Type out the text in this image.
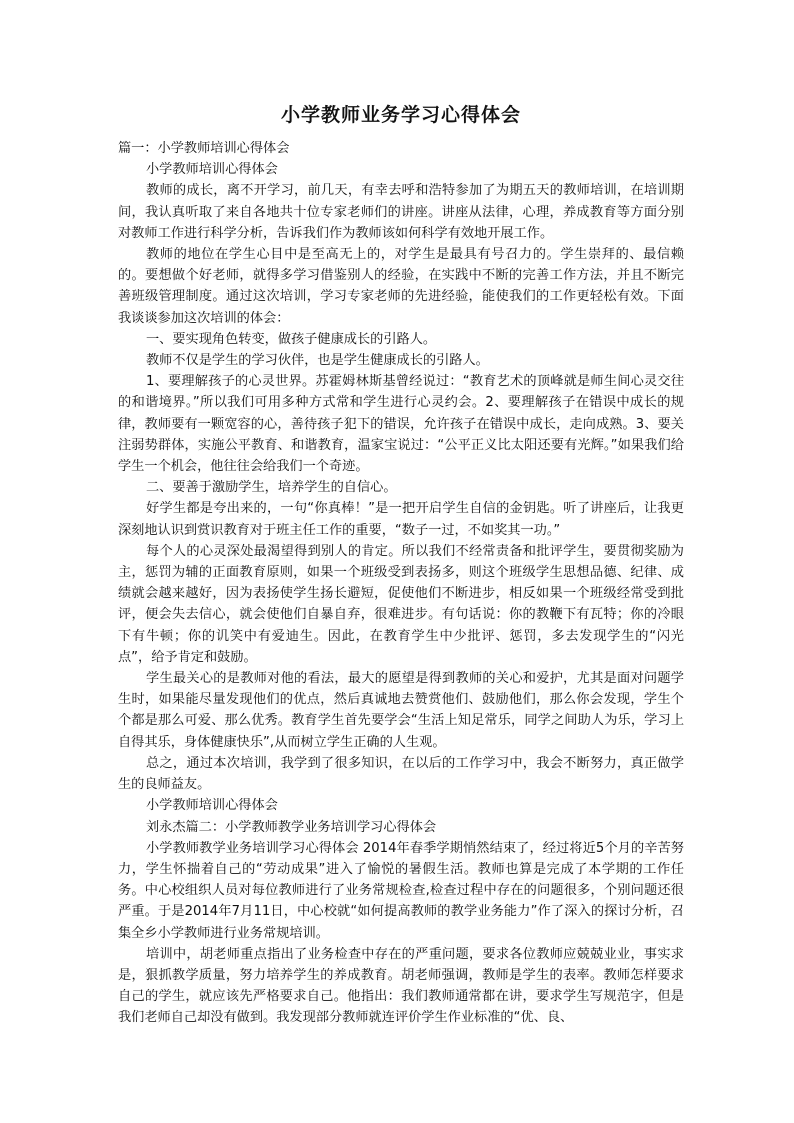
小学教师业务学习心得体会

篇一：小学教师培训心得体会

小学教师培训心得体会

教师的成长，离不开学习，前几天，有幸去呼和浩特参加了为期五天的教师培训，在培训期间，我认真听取了来自各地共十位专家老师们的讲座。讲座从法律，心理，养成教育等方面分别对教师工作进行科学分析，告诉我们作为教师该如何科学有效地开展工作。

教师的地位在学生心目中是至高无上的，对学生是最具有号召力的。学生崇拜的、最信赖的。要想做个好老师，就得多学习借鉴别人的经验，在实践中不断的完善工作方法，并且不断完善班级管理制度。通过这次培训，学习专家老师的先进经验，能使我们的工作更轻松有效。下面我谈谈参加这次培训的体会：

一、要实现角色转变，做孩子健康成长的引路人。

教师不仅是学生的学习伙伴，也是学生健康成长的引路人。

1、要理解孩子的心灵世界。苏霍姆林斯基曾经说过：“教育艺术的顶峰就是师生间心灵交往的和谐境界。”所以我们可用多种方式常和学生进行心灵约会。2、要理解孩子在错误中成长的规律，教师要有一颗宽容的心，善待孩子犯下的错误，允许孩子在错误中成长，走向成熟。3、要关注弱势群体，实施公平教育、和谐教育，温家宝说过：“公平正义比太阳还要有光辉。”如果我们给学生一个机会，他往往会给我们一个奇迹。

二、要善于激励学生，培养学生的自信心。

好学生都是夸出来的，一句“你真棒！”是一把开启学生自信的金钥匙。听了讲座后，让我更深刻地认识到赏识教育对于班主任工作的重要，“数子一过，不如奖其一功。”

每个人的心灵深处最渴望得到别人的肯定。所以我们不经常责备和批评学生，要贯彻奖励为主，惩罚为辅的正面教育原则，如果一个班级受到表扬多，则这个班级学生思想品德、纪律、成绩就会越来越好，因为表扬使学生扬长避短，促使他们不断进步，相反如果一个班级经常受到批评，便会失去信心，就会使他们自暴自弃，很难进步。有句话说：你的教鞭下有瓦特；你的冷眼下有牛顿；你的讥笑中有爱迪生。因此，在教育学生中少批评、惩罚，多去发现学生的“闪光点”，给予肯定和鼓励。

学生最关心的是教师对他的看法，最大的愿望是得到教师的关心和爱护，尤其是面对问题学生时，如果能尽量发现他们的优点，然后真诚地去赞赏他们、鼓励他们，那么你会发现，学生个个都是那么可爱、那么优秀。教育学生首先要学会“生活上知足常乐，同学之间助人为乐，学习上自得其乐，身体健康快乐”,从而树立学生正确的人生观。

总之，通过本次培训，我学到了很多知识，在以后的工作学习中，我会不断努力，真正做学生的良师益友。

小学教师培训心得体会

刘永杰篇二：小学教师教学业务培训学习心得体会

小学教师教学业务培训学习心得体会 2014年春季学期悄然结束了，经过将近5个月的辛苦努力，学生怀揣着自己的“劳动成果”进入了愉悦的暑假生活。教师也算是完成了本学期的工作任务。中心校组织人员对每位教师进行了业务常规检查,检查过程中存在的问题很多，个别问题还很严重。于是2014年7月11日，中心校就“如何提高教师的教学业务能力”作了深入的探讨分析，召集全乡小学教师进行业务常规培训。

培训中，胡老师重点指出了业务检查中存在的严重问题，要求各位教师应兢兢业业，事实求是，狠抓教学质量，努力培养学生的养成教育。胡老师强调，教师是学生的表率。教师怎样要求自己的学生，就应该先严格要求自己。他指出：我们教师通常都在讲，要求学生写规范字，但是我们老师自己却没有做到。我发现部分教师就连评价学生作业标准的“优、良、
